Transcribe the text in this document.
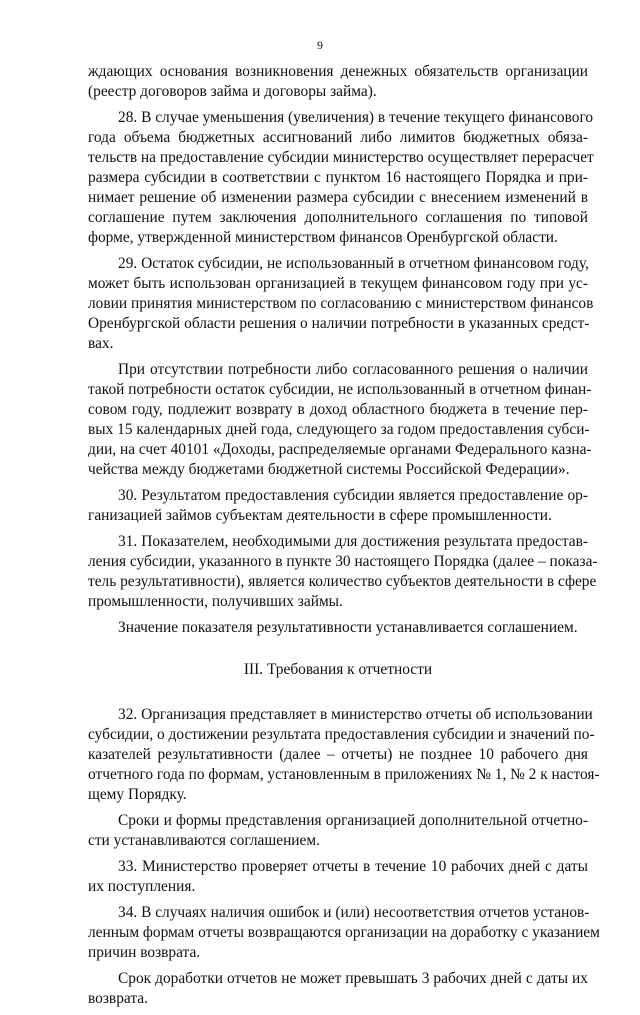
9
ждающих основания возникновения денежных обязательств организации
(реестр договоров займа и договоры займа).
28. В случае уменьшения (увеличения) в течение текущего финансового
года объема бюджетных ассигнований либо лимитов бюджетных обяза-
тельств на предоставление субсидии министерство осуществляет перерасчет
размера субсидии в соответствии с пунктом 16 настоящего Порядка и при-
нимает решение об изменении размера субсидии с внесением изменений в
соглашение путем заключения дополнительного соглашения по типовой
форме, утвержденной министерством финансов Оренбургской области.
29. Остаток субсидии, не использованный в отчетном финансовом году,
может быть использован организацией в текущем финансовом году при ус-
ловии принятия министерством по согласованию с министерством финансов
Оренбургской области решения о наличии потребности в указанных средст-
вах.
При отсутствии потребности либо согласованного решения о наличии
такой потребности остаток субсидии, не использованный в отчетном финан-
совом году, подлежит возврату в доход областного бюджета в течение пер-
вых 15 календарных дней года, следующего за годом предоставления субси-
дии, на счет 40101 «Доходы, распределяемые органами Федерального казна-
чейства между бюджетами бюджетной системы Российской Федерации».
30. Результатом предоставления субсидии является предоставление ор-
ганизацией займов субъектам деятельности в сфере промышленности.
31. Показателем, необходимыми для достижения результата предостав-
ления субсидии, указанного в пункте 30 настоящего Порядка (далее – показа-
тель результативности), является количество субъектов деятельности в сфере
промышленности, получивших займы.
Значение показателя результативности устанавливается соглашением.
III. Требования к отчетности
32. Организация представляет в министерство отчеты об использовании
субсидии, о достижении результата предоставления субсидии и значений по-
казателей результативности (далее – отчеты) не позднее 10 рабочего дня
отчетного года по формам, установленным в приложениях № 1, № 2 к настоя-
щему Порядку.
Сроки и формы представления организацией дополнительной отчетно-
сти устанавливаются соглашением.
33. Министерство проверяет отчеты в течение 10 рабочих дней с даты
их поступления.
34. В случаях наличия ошибок и (или) несоответствия отчетов установ-
ленным формам отчеты возвращаются организации на доработку с указанием
причин возврата.
Срок доработки отчетов не может превышать 3 рабочих дней с даты их
возврата.
